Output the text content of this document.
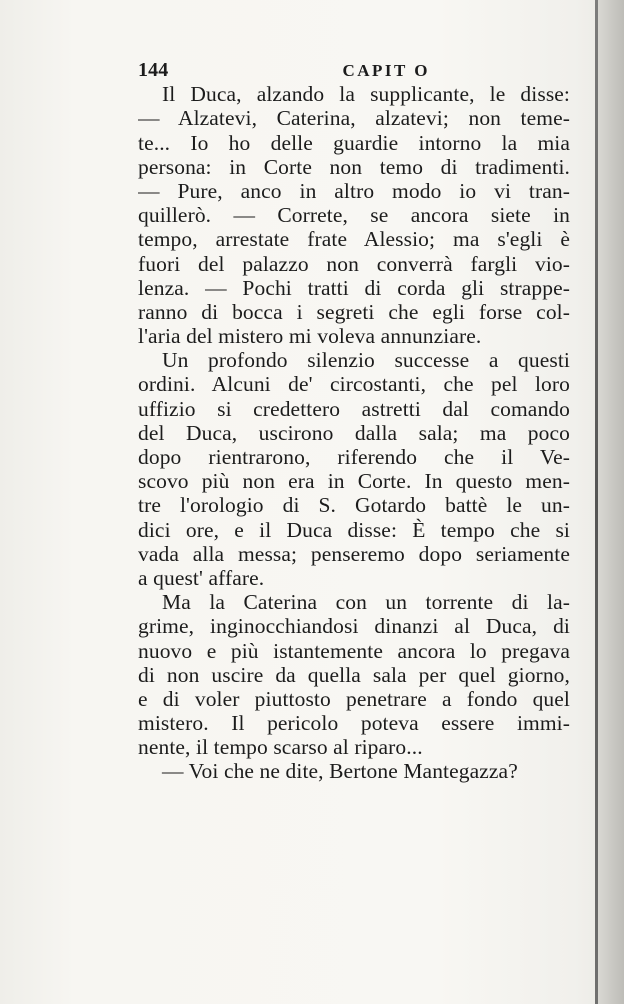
144	CAPIT O
Il Duca, alzando la supplicante, le disse:
— Alzatevi, Caterina, alzatevi; non teme-
te... Io ho delle guardie intorno la mia
persona: in Corte non temo di tradimenti.
— Pure, anco in altro modo io vi tran-
quillerò. — Correte, se ancora siete in
tempo, arrestate frate Alessio; ma s'egli è
fuori del palazzo non converrà fargli vio-
lenza. — Pochi tratti di corda gli strappe-
ranno di bocca i segreti che egli forse col-
l'aria del mistero mi voleva annunziare.
Un profondo silenzio successe a questi
ordini. Alcuni de' circostanti, che pel loro
uffizio si credettero astretti dal comando
del Duca, uscirono dalla sala; ma poco
dopo rientrarono, riferendo che il Ve-
scovo più non era in Corte. In questo men-
tre l'orologio di S. Gotardo battè le un-
dici ore, e il Duca disse: È tempo che si
vada alla messa; penseremo dopo seriamente
a quest' affare.
Ma la Caterina con un torrente di la-
grime, inginocchiandosi dinanzi al Duca, di
nuovo e più istantemente ancora lo pregava
di non uscire da quella sala per quel giorno,
e di voler piuttosto penetrare a fondo quel
mistero. Il pericolo poteva essere immi-
nente, il tempo scarso al riparo...
— Voi che ne dite, Bertone Mantegazza?
